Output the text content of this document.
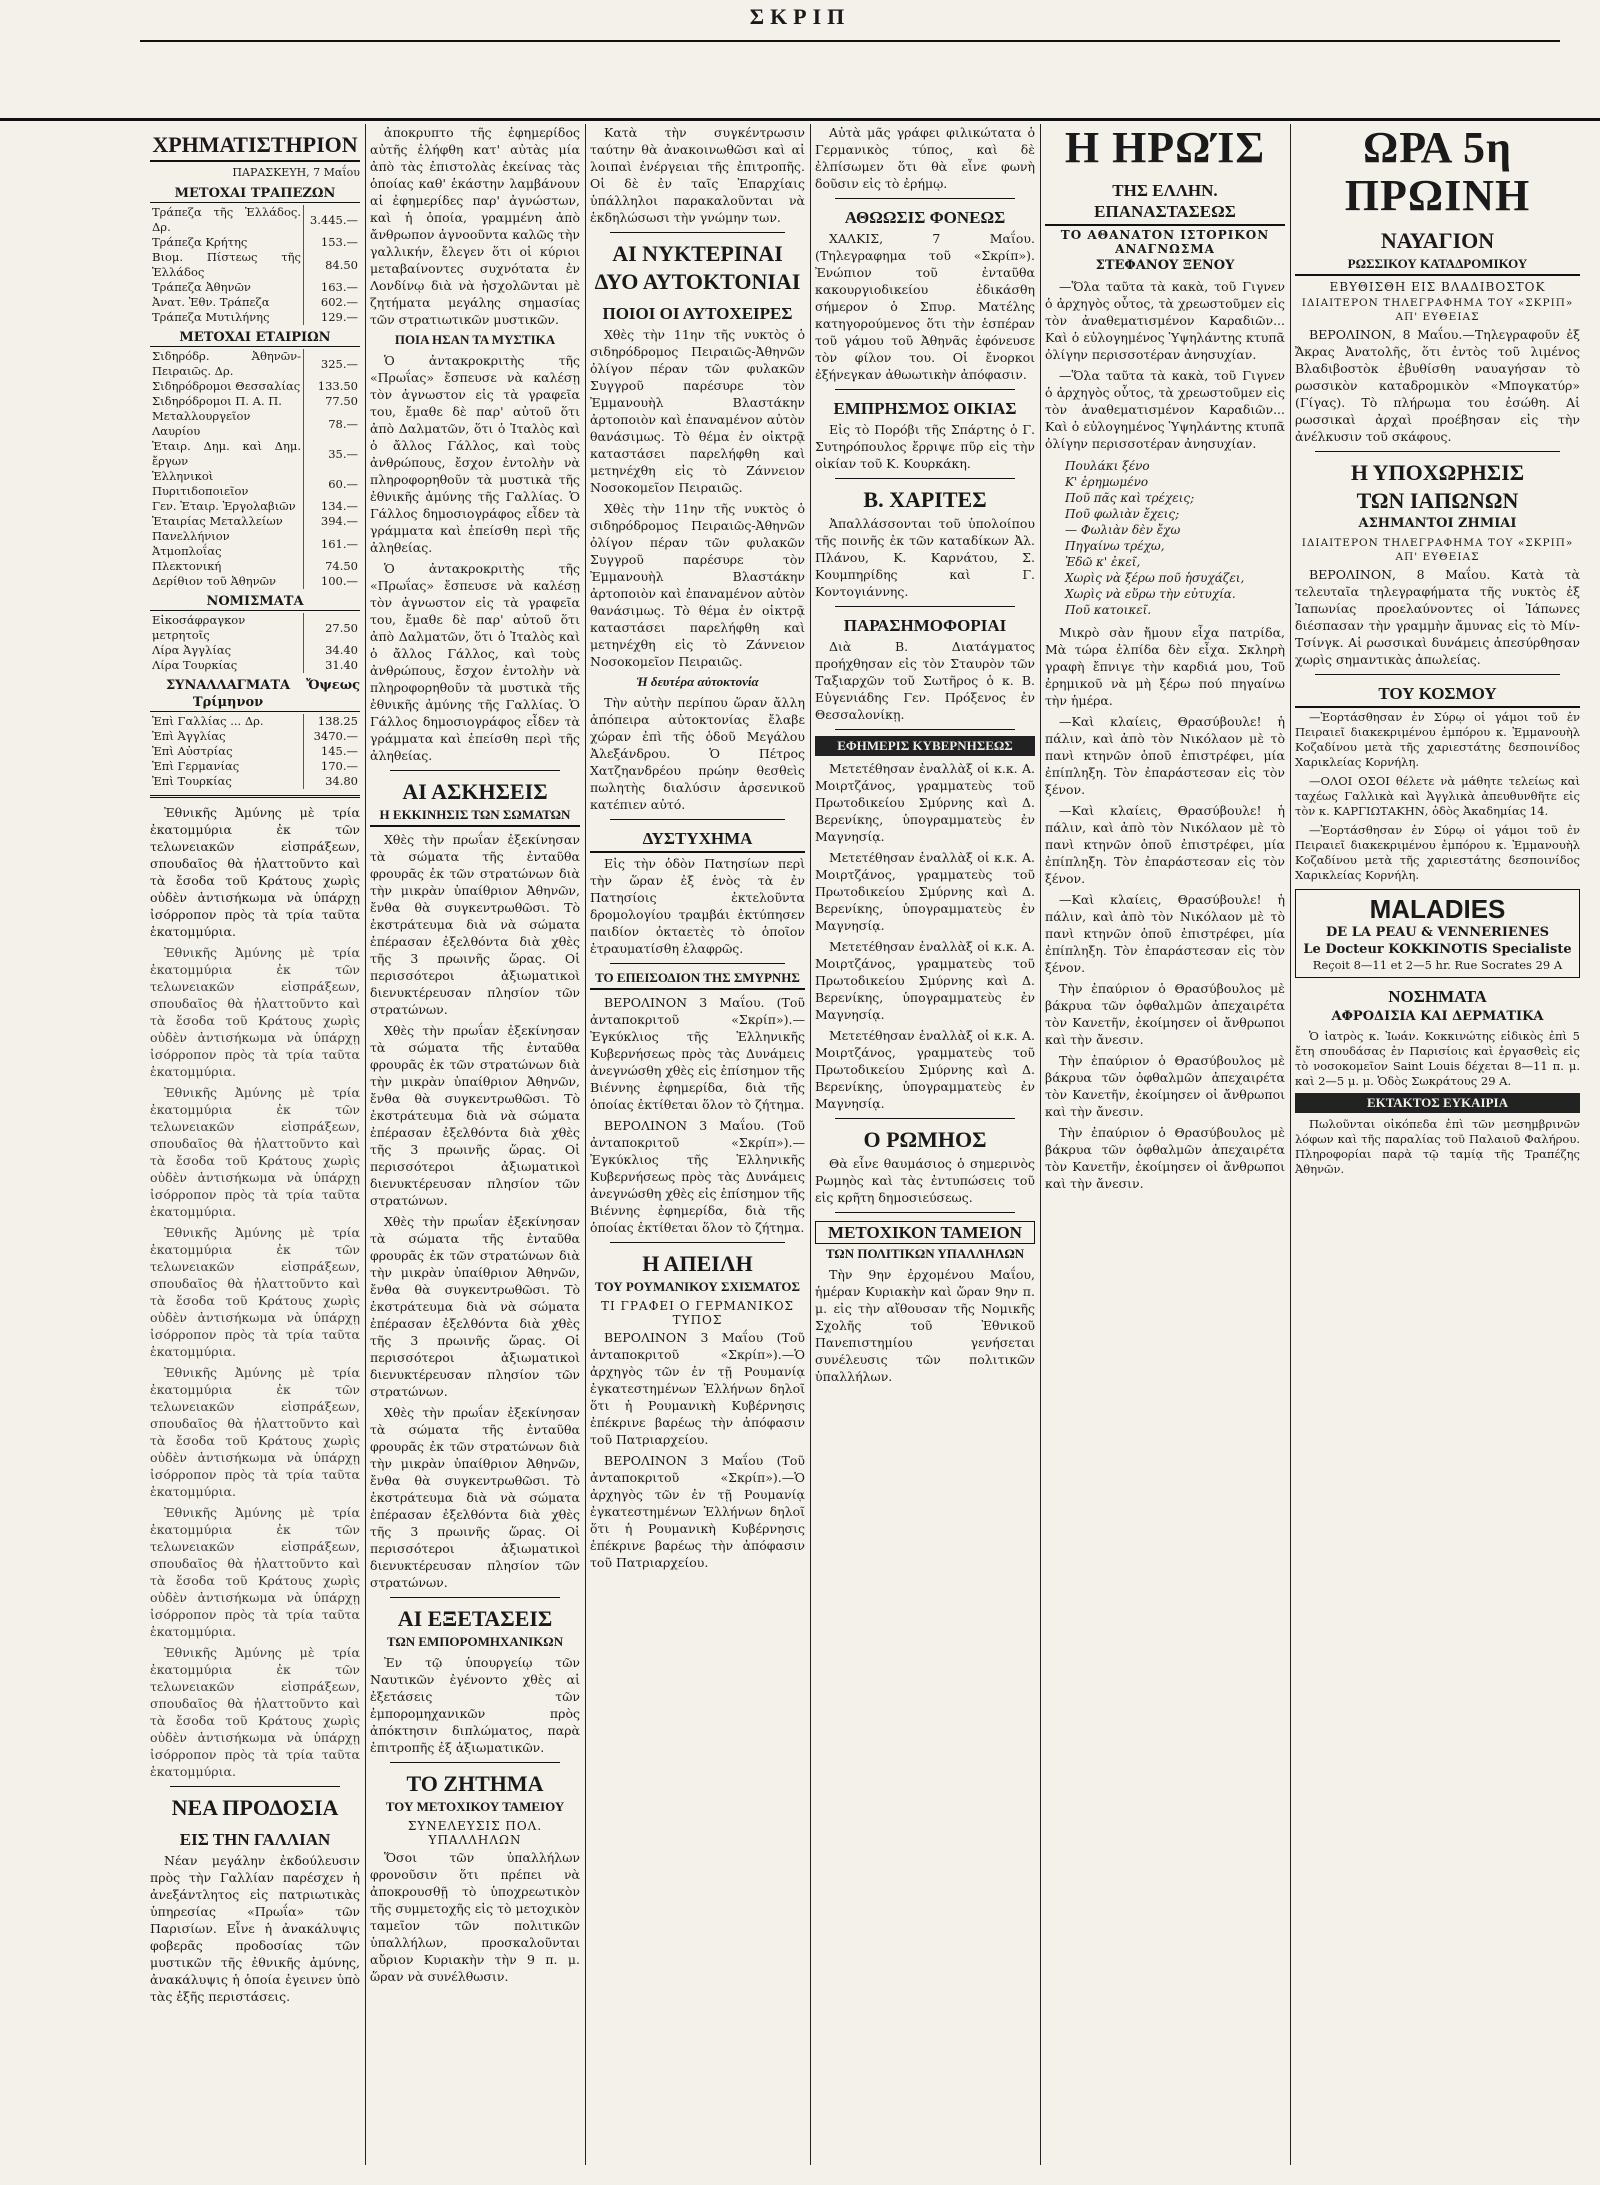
ΣΚΡΙΠ
ΧΡΗΜΑΤΙΣΤΗΡΙΟΝ
ΠΑΡΑΣΚΕΥΗ, 7 Μαΐου
ΜΕΤΟΧΑΙ ΤΡΑΠΕΖΩΝ
Τράπεζα τῆς Ἑλλάδος. Δρ.	3.445.—
Τράπεζα Κρήτης	153.—
Βιομ. Πίστεως τῆς Ἑλλάδος	84.50
Τράπεζα Ἀθηνῶν	163.—
Ἀνατ. Ἐθν. Τράπεζα	602.—
Τράπεζα Μυτιλήνης	129.—
ΜΕΤΟΧΑΙ ΕΤΑΙΡΙΩΝ
Σιδηρόδρ. Ἀθηνῶν-Πειραιῶς. Δρ.	325.—
Σιδηρόδρομοι Θεσσαλίας	133.50
Σιδηρόδρομοι Π. Α. Π.	77.50
Μεταλλουργεῖον Λαυρίου	78.—
Ἑταιρ. Δημ. καὶ Δημ. ἔργων	35.—
Ἑλληνικοὶ Πυριτιδοποιεῖον	60.—
Γεν. Ἑταιρ. Ἐργολαβιῶν	134.—
Ἑταιρίας Μεταλλείων	394.—
Πανελλήνιον Ἀτμοπλοΐας	161.—
Πλεκτονική	74.50
Δερίθιον τοῦ Ἀθηνῶν	100.—
ΝΟΜΙΣΜΑΤΑ
Εἰκοσάφραγκον μετρητοῖς	27.50
Λίρα Ἀγγλίας	34.40
Λίρα Τουρκίας	31.40
ΣΥΝΑΛΛΑΓΜΑΤΑ Τρίμηνον
Ὄψεως
Ἐπὶ Γαλλίας ... Δρ.	138.25
Ἐπὶ Ἀγγλίας	3470.—
Ἐπὶ Αὐστρίας	145.—
Ἐπὶ Γερμανίας	170.—
Ἐπὶ Τουρκίας	34.80

Ἐθνικῆς Ἀμύνης μὲ τρία ἐκατομμύρια ἐκ τῶν τελωνειακῶν εἰσπράξεων, σπουδαῖος θὰ ἠλαττοῦντο καὶ τὰ ἔσοδα τοῦ Κράτους χωρὶς οὐδὲν ἀντισήκωμα νὰ ὑπάρχῃ ἰσόρροπον πρὸς τὰ τρία ταῦτα ἑκατομμύρια.

Ἐθνικῆς Ἀμύνης μὲ τρία ἐκατομμύρια ἐκ τῶν τελωνειακῶν εἰσπράξεων, σπουδαῖος θὰ ἠλαττοῦντο καὶ τὰ ἔσοδα τοῦ Κράτους χωρὶς οὐδὲν ἀντισήκωμα νὰ ὑπάρχῃ ἰσόρροπον πρὸς τὰ τρία ταῦτα ἑκατομμύρια.

Ἐθνικῆς Ἀμύνης μὲ τρία ἐκατομμύρια ἐκ τῶν τελωνειακῶν εἰσπράξεων, σπουδαῖος θὰ ἠλαττοῦντο καὶ τὰ ἔσοδα τοῦ Κράτους χωρὶς οὐδὲν ἀντισήκωμα νὰ ὑπάρχῃ ἰσόρροπον πρὸς τὰ τρία ταῦτα ἑκατομμύρια.

Ἐθνικῆς Ἀμύνης μὲ τρία ἐκατομμύρια ἐκ τῶν τελωνειακῶν εἰσπράξεων, σπουδαῖος θὰ ἠλαττοῦντο καὶ τὰ ἔσοδα τοῦ Κράτους χωρὶς οὐδὲν ἀντισήκωμα νὰ ὑπάρχῃ ἰσόρροπον πρὸς τὰ τρία ταῦτα ἑκατομμύρια.

Ἐθνικῆς Ἀμύνης μὲ τρία ἐκατομμύρια ἐκ τῶν τελωνειακῶν εἰσπράξεων, σπουδαῖος θὰ ἠλαττοῦντο καὶ τὰ ἔσοδα τοῦ Κράτους χωρὶς οὐδὲν ἀντισήκωμα νὰ ὑπάρχῃ ἰσόρροπον πρὸς τὰ τρία ταῦτα ἑκατομμύρια.

Ἐθνικῆς Ἀμύνης μὲ τρία ἐκατομμύρια ἐκ τῶν τελωνειακῶν εἰσπράξεων, σπουδαῖος θὰ ἠλαττοῦντο καὶ τὰ ἔσοδα τοῦ Κράτους χωρὶς οὐδὲν ἀντισήκωμα νὰ ὑπάρχῃ ἰσόρροπον πρὸς τὰ τρία ταῦτα ἑκατομμύρια.

Ἐθνικῆς Ἀμύνης μὲ τρία ἐκατομμύρια ἐκ τῶν τελωνειακῶν εἰσπράξεων, σπουδαῖος θὰ ἠλαττοῦντο καὶ τὰ ἔσοδα τοῦ Κράτους χωρὶς οὐδὲν ἀντισήκωμα νὰ ὑπάρχῃ ἰσόρροπον πρὸς τὰ τρία ταῦτα ἑκατομμύρια.

ΝΕΑ ΠΡΟΔΟΣΙΑ
ΕΙΣ ΤΗΝ ΓΑΛΛΙΑΝ

Νέαν μεγάλην ἐκδούλευσιν πρὸς τὴν Γαλλίαν παρέσχεν ἡ ἀνεξάντλητος εἰς πατριωτικὰς ὑπηρεσίας «Πρωΐα» τῶν Παρισίων. Εἶνε ἡ ἀνακάλυψις φοβερᾶς προδοσίας τῶν μυστικῶν τῆς ἐθνικῆς ἀμύνης, ἀνακάλυψις ἡ ὁποία ἐγεινεν ὑπὸ τὰς ἑξῆς περιστάσεις.

ἀποκρυπτο τῆς ἐφημερίδος αὐτῆς ἐλήφθη κατ' αὐτὰς μία ἀπὸ τὰς ἐπιστολὰς ἐκείνας τὰς ὁποίας καθ' ἑκάστην λαμβάνουν αἱ ἐφημερίδες παρ' ἀγνώστων, καὶ ἡ ὁποία, γραμμένη ἀπὸ ἄνθρωπον ἀγνοοῦντα καλῶς τὴν γαλλικήν, ἔλεγεν ὅτι οἱ κύριοι μεταβαίνοντες συχνότατα ἐν Λονδίνῳ διὰ νὰ ἠσχολῶνται μὲ ζητήματα μεγάλης σημασίας τῶν στρατιωτικῶν μυστικῶν.

ΠΟΙΑ ΗΣΑΝ ΤΑ ΜΥΣΤΙΚΑ

Ὁ ἀντακροκριτὴς τῆς «Πρωΐας» ἔσπευσε νὰ καλέσῃ τὸν ἀγνωστον εἰς τὰ γραφεῖα του, ἔμαθε δὲ παρ' αὐτοῦ ὅτι ἀπὸ Δαλματῶν, ὅτι ὁ Ἰταλὸς καὶ ὁ ἄλλος Γάλλος, καὶ τοὺς ἀνθρώπους, ἔσχον ἐντολὴν νὰ πληροφορηθοῦν τὰ μυστικὰ τῆς ἐθνικῆς ἀμύνης τῆς Γαλλίας. Ὁ Γάλλος δημοσιογράφος εἶδεν τὰ γράμματα καὶ ἐπείσθη περὶ τῆς ἀληθείας.

Ὁ ἀντακροκριτὴς τῆς «Πρωΐας» ἔσπευσε νὰ καλέσῃ τὸν ἀγνωστον εἰς τὰ γραφεῖα του, ἔμαθε δὲ παρ' αὐτοῦ ὅτι ἀπὸ Δαλματῶν, ὅτι ὁ Ἰταλὸς καὶ ὁ ἄλλος Γάλλος, καὶ τοὺς ἀνθρώπους, ἔσχον ἐντολὴν νὰ πληροφορηθοῦν τὰ μυστικὰ τῆς ἐθνικῆς ἀμύνης τῆς Γαλλίας. Ὁ Γάλλος δημοσιογράφος εἶδεν τὰ γράμματα καὶ ἐπείσθη περὶ τῆς ἀληθείας.

ΑΙ ΑΣΚΗΣΕΙΣ
Η ΕΚΚΙΝΗΣΙΣ ΤΩΝ ΣΩΜΑΤΩΝ

Χθὲς τὴν πρωΐαν ἐξεκίνησαν τὰ σώματα τῆς ἐνταῦθα φρουρᾶς ἐκ τῶν στρατώνων διὰ τὴν μικρὰν ὑπαίθριον Ἀθηνῶν, ἔνθα θὰ συγκεντρωθῶσι. Τὸ ἐκστράτευμα διὰ νὰ σώματα ἐπέρασαν ἐξελθόντα διὰ χθὲς τῆς 3 πρωινῆς ὥρας. Οἱ περισσότεροι ἀξιωματικοὶ διενυκτέρευσαν πλησίον τῶν στρατώνων.

Χθὲς τὴν πρωΐαν ἐξεκίνησαν τὰ σώματα τῆς ἐνταῦθα φρουρᾶς ἐκ τῶν στρατώνων διὰ τὴν μικρὰν ὑπαίθριον Ἀθηνῶν, ἔνθα θὰ συγκεντρωθῶσι. Τὸ ἐκστράτευμα διὰ νὰ σώματα ἐπέρασαν ἐξελθόντα διὰ χθὲς τῆς 3 πρωινῆς ὥρας. Οἱ περισσότεροι ἀξιωματικοὶ διενυκτέρευσαν πλησίον τῶν στρατώνων.

Χθὲς τὴν πρωΐαν ἐξεκίνησαν τὰ σώματα τῆς ἐνταῦθα φρουρᾶς ἐκ τῶν στρατώνων διὰ τὴν μικρὰν ὑπαίθριον Ἀθηνῶν, ἔνθα θὰ συγκεντρωθῶσι. Τὸ ἐκστράτευμα διὰ νὰ σώματα ἐπέρασαν ἐξελθόντα διὰ χθὲς τῆς 3 πρωινῆς ὥρας. Οἱ περισσότεροι ἀξιωματικοὶ διενυκτέρευσαν πλησίον τῶν στρατώνων.

Χθὲς τὴν πρωΐαν ἐξεκίνησαν τὰ σώματα τῆς ἐνταῦθα φρουρᾶς ἐκ τῶν στρατώνων διὰ τὴν μικρὰν ὑπαίθριον Ἀθηνῶν, ἔνθα θὰ συγκεντρωθῶσι. Τὸ ἐκστράτευμα διὰ νὰ σώματα ἐπέρασαν ἐξελθόντα διὰ χθὲς τῆς 3 πρωινῆς ὥρας. Οἱ περισσότεροι ἀξιωματικοὶ διενυκτέρευσαν πλησίον τῶν στρατώνων.

ΑΙ ΕΞΕΤΑΣΕΙΣ
ΤΩΝ ΕΜΠΟΡΟΜΗΧΑΝΙΚΩΝ

Ἐν τῷ ὑπουργείῳ τῶν Ναυτικῶν ἐγένοντο χθὲς αἱ ἐξετάσεις τῶν ἐμπορομηχανικῶν πρὸς ἀπόκτησιν διπλώματος, παρὰ ἐπιτροπῆς ἐξ ἀξιωματικῶν.

ΤΟ ΖΗΤΗΜΑ
ΤΟΥ ΜΕΤΟΧΙΚΟΥ ΤΑΜΕΙΟΥ
ΣΥΝΕΛΕΥΣΙΣ ΠΟΛ. ΥΠΑΛΛΗΛΩΝ

Ὅσοι τῶν ὑπαλλήλων φρονοῦσιν ὅτι πρέπει νὰ ἀποκρουσθῇ τὸ ὑποχρεωτικὸν τῆς συμμετοχῆς εἰς τὸ μετοχικὸν ταμεῖον τῶν πολιτικῶν ὑπαλλήλων, προσκαλοῦνται αὔριον Κυριακὴν τὴν 9 π. μ. ὥραν νὰ συνέλθωσιν.

Κατὰ τὴν συγκέντρωσιν ταύτην θὰ ἀνακοινωθῶσι καὶ αἱ λοιπαὶ ἐνέργειαι τῆς ἐπιτροπῆς. Οἱ δὲ ἐν ταῖς Ἐπαρχίαις ὑπάλληλοι παρακαλοῦνται νὰ ἐκδηλώσωσι τὴν γνώμην των.

ΑΙ ΝΥΚΤΕΡΙΝΑΙ
ΔΥΟ ΑΥΤΟΚΤΟΝΙΑΙ
ΠΟΙΟΙ ΟΙ ΑΥΤΟΧΕΙΡΕΣ

Χθὲς τὴν 11ην τῆς νυκτὸς ὁ σιδηρόδρομος Πειραιῶς-Ἀθηνῶν ὀλίγον πέραν τῶν φυλακῶν Συγγροῦ παρέσυρε τὸν Ἐμμανουὴλ Βλαστάκην ἀρτοποιὸν καὶ ἐπαναμένον αὐτὸν θανάσιμως. Τὸ θέμα ἐν οἰκτρᾷ καταστάσει παρελήφθη καὶ μετηνέχθη εἰς τὸ Ζάννειον Νοσοκομεῖον Πειραιῶς.

Χθὲς τὴν 11ην τῆς νυκτὸς ὁ σιδηρόδρομος Πειραιῶς-Ἀθηνῶν ὀλίγον πέραν τῶν φυλακῶν Συγγροῦ παρέσυρε τὸν Ἐμμανουὴλ Βλαστάκην ἀρτοποιὸν καὶ ἐπαναμένον αὐτὸν θανάσιμως. Τὸ θέμα ἐν οἰκτρᾷ καταστάσει παρελήφθη καὶ μετηνέχθη εἰς τὸ Ζάννειον Νοσοκομεῖον Πειραιῶς.

Ἡ δευτέρα αὐτοκτονία

Τὴν αὐτὴν περίπου ὥραν ἄλλη ἀπόπειρα αὐτοκτονίας ἔλαβε χώραν ἐπὶ τῆς ὁδοῦ Μεγάλου Ἀλεξάνδρου. Ὁ Πέτρος Χατζηανδρέου πρώην θεσθεὶς πωλητὴς διαλύσιν ἀρσενικοῦ κατέπιεν αὐτό.

ΔΥΣΤΥΧΗΜΑ

Εἰς τὴν ὁδὸν Πατησίων περὶ τὴν ὥραν ἐξ ἑνὸς τὰ ἐν Πατησίοις ἐκτελοῦντα δρομολογίου τραμβάι ἐκτύπησεν παιδίον ὀκταετὲς τὸ ὁποῖον ἐτραυματίσθη ἐλαφρῶς.

ΤΟ ΕΠΕΙΣΟΔΙΟΝ ΤΗΣ ΣΜΥΡΝΗΣ

ΒΕΡΟΛΙΝΟΝ 3 Μαΐου. (Τοῦ ἀνταποκριτοῦ «Σκρίπ»).—Ἐγκύκλιος τῆς Ἑλληνικῆς Κυβερνήσεως πρὸς τὰς Δυνάμεις ἀνεγνώσθη χθὲς εἰς ἐπίσημον τῆς Βιέννης ἐφημερίδα, διὰ τῆς ὁποίας ἐκτίθεται ὅλον τὸ ζήτημα.

ΒΕΡΟΛΙΝΟΝ 3 Μαΐου. (Τοῦ ἀνταποκριτοῦ «Σκρίπ»).—Ἐγκύκλιος τῆς Ἑλληνικῆς Κυβερνήσεως πρὸς τὰς Δυνάμεις ἀνεγνώσθη χθὲς εἰς ἐπίσημον τῆς Βιέννης ἐφημερίδα, διὰ τῆς ὁποίας ἐκτίθεται ὅλον τὸ ζήτημα.

Η ΑΠΕΙΛΗ
ΤΟΥ ΡΟΥΜΑΝΙΚΟΥ ΣΧΙΣΜΑΤΟΣ
ΤΙ ΓΡΑΦΕΙ Ο ΓΕΡΜΑΝΙΚΟΣ ΤΥΠΟΣ

ΒΕΡΟΛΙΝΟΝ 3 Μαΐου (Τοῦ ἀνταποκριτοῦ «Σκρίπ»).—Ὁ ἀρχηγὸς τῶν ἐν τῇ Ρουμανίᾳ ἐγκατεστημένων Ἑλλήνων δηλοῖ ὅτι ἡ Ρουμανικὴ Κυβέρνησις ἐπέκρινε βαρέως τὴν ἀπόφασιν τοῦ Πατριαρχείου.

ΒΕΡΟΛΙΝΟΝ 3 Μαΐου (Τοῦ ἀνταποκριτοῦ «Σκρίπ»).—Ὁ ἀρχηγὸς τῶν ἐν τῇ Ρουμανίᾳ ἐγκατεστημένων Ἑλλήνων δηλοῖ ὅτι ἡ Ρουμανικὴ Κυβέρνησις ἐπέκρινε βαρέως τὴν ἀπόφασιν τοῦ Πατριαρχείου.

Αὐτὰ μᾶς γράφει φιλικώτατα ὁ Γερμανικὸς τύπος, καὶ δὲ ἐλπίσωμεν ὅτι θὰ εἶνε φωνὴ δοῦσιν εἰς τὸ ἐρήμῳ.

ΑΘΩΩΣΙΣ ΦΟΝΕΩΣ

ΧΑΛΚΙΣ, 7 Μαΐου. (Τηλεγραφημα τοῦ «Σκρίπ»). Ἐνώπιον τοῦ ἐνταῦθα κακουργιοδικείου ἐδικάσθη σήμερον ὁ Σπυρ. Ματέλης κατηγορούμενος ὅτι τὴν ἑσπέραν τοῦ γάμου τοῦ Ἀθηνᾶς ἐφόνευσε τὸν φίλον του. Οἱ ἔνορκοι ἐξήνεγκαν ἀθωωτικὴν ἀπόφασιν.

ΕΜΠΡΗΣΜΟΣ ΟΙΚΙΑΣ

Εἰς τὸ Πορόβι τῆς Σπάρτης ὁ Γ. Συτηρόπουλος ἔρριψε πῦρ εἰς τὴν οἰκίαν τοῦ Κ. Κουρκάκη.

Β. ΧΑΡΙΤΕΣ

Ἀπαλλάσσονται τοῦ ὑπολοίπου τῆς ποινῆς ἐκ τῶν καταδίκων Ἀλ. Πλάνου, Κ. Καρνάτου, Σ. Κουμπηρίδης καὶ Γ. Κοντογιάννης.

ΠΑΡΑΣΗΜΟΦΟΡΙΑΙ

Διὰ Β. Διατάγματος προήχθησαν εἰς τὸν Σταυρὸν τῶν Ταξιαρχῶν τοῦ Σωτῆρος ὁ κ. Β. Εὐγενιάδης Γεν. Πρόξενος ἐν Θεσσαλονίκῃ.

ΕΦΗΜΕΡΙΣ ΚΥΒΕΡΝΗΣΕΩΣ

Μετετέθησαν ἐναλλὰξ οἱ κ.κ. Α. Μοιρτζάνος, γραμματεὺς τοῦ Πρωτοδικείου Σμύρνης καὶ Δ. Βερενίκης, ὑπογραμματεὺς ἐν Μαγνησίᾳ.

Μετετέθησαν ἐναλλὰξ οἱ κ.κ. Α. Μοιρτζάνος, γραμματεὺς τοῦ Πρωτοδικείου Σμύρνης καὶ Δ. Βερενίκης, ὑπογραμματεὺς ἐν Μαγνησίᾳ.

Μετετέθησαν ἐναλλὰξ οἱ κ.κ. Α. Μοιρτζάνος, γραμματεὺς τοῦ Πρωτοδικείου Σμύρνης καὶ Δ. Βερενίκης, ὑπογραμματεὺς ἐν Μαγνησίᾳ.

Μετετέθησαν ἐναλλὰξ οἱ κ.κ. Α. Μοιρτζάνος, γραμματεὺς τοῦ Πρωτοδικείου Σμύρνης καὶ Δ. Βερενίκης, ὑπογραμματεὺς ἐν Μαγνησίᾳ.

Ο ΡΩΜΗΟΣ

Θὰ εἶνε θαυμάσιος ὁ σημερινὸς Ρωμηὸς καὶ τὰς ἐντυπώσεις τοῦ εἰς κρῆτη δημοσιεύσεως.

ΜΕΤΟΧΙΚΟΝ ΤΑΜΕΙΟΝ
ΤΩΝ ΠΟΛΙΤΙΚΩΝ ΥΠΑΛΛΗΛΩΝ

Τὴν 9ην ἐρχομένου Μαΐου, ἡμέραν Κυριακὴν καὶ ὥραν 9ην π. μ. εἰς τὴν αἴθουσαν τῆς Νομικῆς Σχολῆς τοῦ Ἐθνικοῦ Πανεπιστημίου γενήσεται συνέλευσις τῶν πολιτικῶν ὑπαλλήλων.

Η ΗΡΩΊΣ
ΤΗΣ ΕΛΛΗΝ. ΕΠΑΝΑΣΤΑΣΕΩΣ
ΤΟ ΑΘΑΝΑΤΟΝ ΙΣΤΟΡΙΚΟΝ ΑΝΑΓΝΩΣΜΑ
ΣΤΕΦΑΝΟΥ ΞΕΝΟΥ

—Ὅλα ταῦτα τὰ κακὰ, τοῦ Γιγνεν ὁ ἀρχηγὸς οὗτος, τὰ χρεωστοῦμεν εἰς τὸν ἀναθεματισμένον Καραδιῶν... Καὶ ὁ εὐλογημένος Ὑψηλάντης κτυπᾶ ὀλίγην περισσοτέραν ἀνησυχίαν.

—Ὅλα ταῦτα τὰ κακὰ, τοῦ Γιγνεν ὁ ἀρχηγὸς οὗτος, τὰ χρεωστοῦμεν εἰς τὸν ἀναθεματισμένον Καραδιῶν... Καὶ ὁ εὐλογημένος Ὑψηλάντης κτυπᾶ ὀλίγην περισσοτέραν ἀνησυχίαν.

Πουλάκι ξένο
Κ' ἐρημωμένο
Ποῦ πᾶς καὶ τρέχεις;
Ποῦ φωλιὰν ἔχεις;
— Φωλιὰν δὲν ἔχω
Πηγαίνω τρέχω,
Ἐδῶ κ' ἐκεῖ,
Χωρὶς νὰ ξέρω ποῦ ἡσυχάζει,
Χωρὶς νὰ εὕρω τὴν εὐτυχία.
Ποῦ κατοικεῖ.

Μικρὸ σὰν ἤμουν εἶχα πατρίδα, Μὰ τώρα ἐλπίδα δὲν εἶχα. Σκληρὴ γραφὴ ἔπνιγε τὴν καρδιά μου, Τοῦ ἐρημικοῦ νὰ μὴ ξέρω πού πηγαίνω τὴν ἡμέρα.

—Καὶ κλαίεις, Θρασύβουλε! ἡ πάλιν, καὶ ἀπὸ τὸν Νικόλαον μὲ τὸ πανὶ κτηνῶν ὁποῦ ἐπιστρέφει, μία ἐπίπληξη. Τὸν ἐπαράστεσαν εἰς τὸν ξένον.

—Καὶ κλαίεις, Θρασύβουλε! ἡ πάλιν, καὶ ἀπὸ τὸν Νικόλαον μὲ τὸ πανὶ κτηνῶν ὁποῦ ἐπιστρέφει, μία ἐπίπληξη. Τὸν ἐπαράστεσαν εἰς τὸν ξένον.

—Καὶ κλαίεις, Θρασύβουλε! ἡ πάλιν, καὶ ἀπὸ τὸν Νικόλαον μὲ τὸ πανὶ κτηνῶν ὁποῦ ἐπιστρέφει, μία ἐπίπληξη. Τὸν ἐπαράστεσαν εἰς τὸν ξένον.

Τὴν ἐπαύριον ὁ Θρασύβουλος μὲ βάκρυα τῶν ὀφθαλμῶν ἀπεχαιρέτα τὸν Κανετῆν, ἐκοίμησεν οἱ ἄνθρωποι καὶ τὴν ἄνεσιν.

Τὴν ἐπαύριον ὁ Θρασύβουλος μὲ βάκρυα τῶν ὀφθαλμῶν ἀπεχαιρέτα τὸν Κανετῆν, ἐκοίμησεν οἱ ἄνθρωποι καὶ τὴν ἄνεσιν.

Τὴν ἐπαύριον ὁ Θρασύβουλος μὲ βάκρυα τῶν ὀφθαλμῶν ἀπεχαιρέτα τὸν Κανετῆν, ἐκοίμησεν οἱ ἄνθρωποι καὶ τὴν ἄνεσιν.

ΩΡΑ 5η ΠΡΩΙΝΗ
ΝΑΥΑΓΙΟΝ
ΡΩΣΣΙΚΟΥ ΚΑΤΑΔΡΟΜΙΚΟΥ
ΕΒΥΘΙΣΘΗ ΕΙΣ ΒΛΑΔΙΒΟΣΤΟΚ
ΙΔΙΑΙΤΕΡΟΝ ΤΗΛΕΓΡΑΦΗΜΑ ΤΟΥ «ΣΚΡΙΠ» ΑΠ' ΕΥΘΕΙΑΣ

ΒΕΡΟΛΙΝΟΝ, 8 Μαΐου.—Τηλεγραφοῦν ἐξ Ἄκρας Ἀνατολῆς, ὅτι ἐντὸς τοῦ λιμένος Βλαδιβοστὸκ ἐβυθίσθη ναυαγήσαν τὸ ρωσσικὸν καταδρομικὸν «Μπογκατύρ» (Γίγας). Τὸ πλήρωμα του ἐσώθη. Αἱ ρωσσικαὶ ἀρχαὶ προέβησαν εἰς τὴν ἀνέλκυσιν τοῦ σκάφους.

Η ΥΠΟΧΩΡΗΣΙΣ
ΤΩΝ ΙΑΠΩΝΩΝ
ΑΣΗΜΑΝΤΟΙ ΖΗΜΙΑΙ
ΙΔΙΑΙΤΕΡΟΝ ΤΗΛΕΓΡΑΦΗΜΑ ΤΟΥ «ΣΚΡΙΠ» ΑΠ' ΕΥΘΕΙΑΣ

ΒΕΡΟΛΙΝΟΝ, 8 Μαΐου. Κατὰ τὰ τελευταῖα τηλεγραφήματα τῆς νυκτὸς ἐξ Ἰαπωνίας προελαύνοντες οἱ Ἰάπωνες διέσπασαν τὴν γραμμὴν ἄμυνας εἰς τὸ Μίν-Τσίνγκ. Αἱ ρωσσικαὶ δυνάμεις ἀπεσύρθησαν χωρὶς σημαντικὰς ἀπωλείας.

ΤΟΥ ΚΟΣΜΟΥ

—Ἑορτάσθησαν ἐν Σύρῳ οἱ γάμοι τοῦ ἐν Πειραιεῖ διακεκριμένου ἐμπόρου κ. Ἐμμανουὴλ Κοζαδίνου μετὰ τῆς χαριεστάτης δεσποινίδος Χαρικλείας Κορνήλη.

—ΟΛΟΙ ΟΣΟΙ θέλετε νὰ μάθητε τελείως καὶ ταχέως Γαλλικὰ καὶ Ἀγγλικὰ ἀπευθυνθῆτε εἰς τὸν κ. ΚΑΡΓΙΩΤΑΚΗΝ, ὁδὸς Ἀκαδημίας 14.

—Ἑορτάσθησαν ἐν Σύρῳ οἱ γάμοι τοῦ ἐν Πειραιεῖ διακεκριμένου ἐμπόρου κ. Ἐμμανουὴλ Κοζαδίνου μετὰ τῆς χαριεστάτης δεσποινίδος Χαρικλείας Κορνήλη.

MALADIES
DE LA PEAU & VENNERIENES
Le Docteur KOKKINOTIS Specialiste
Reçoit 8—11 et 2—5 hr. Rue Socrates 29 A
ΝΟΣΗΜΑΤΑ
ΑΦΡΟΔΙΣΙΑ ΚΑΙ ΔΕΡΜΑΤΙΚΑ

Ὁ ἰατρὸς κ. Ἰωάν. Κοκκινώτης εἰδικὸς ἐπὶ 5 ἔτη σπουδάσας ἐν Παρισίοις καὶ ἐργασθεὶς εἰς τὸ νοσοκομεῖον Saint Louis δέχεται 8—11 π. μ. καὶ 2—5 μ. μ. Ὁδὸς Σωκράτους 29 Α.

ΕΚΤΑΚΤΟΣ ΕΥΚΑΙΡΙΑ

Πωλοῦνται οἰκόπεδα ἐπὶ τῶν μεσημβρινῶν λόφων καὶ τῆς παραλίας τοῦ Παλαιοῦ Φαλήρου. Πληροφορίαι παρὰ τῷ ταμίᾳ τῆς Τραπέζης Ἀθηνῶν.
